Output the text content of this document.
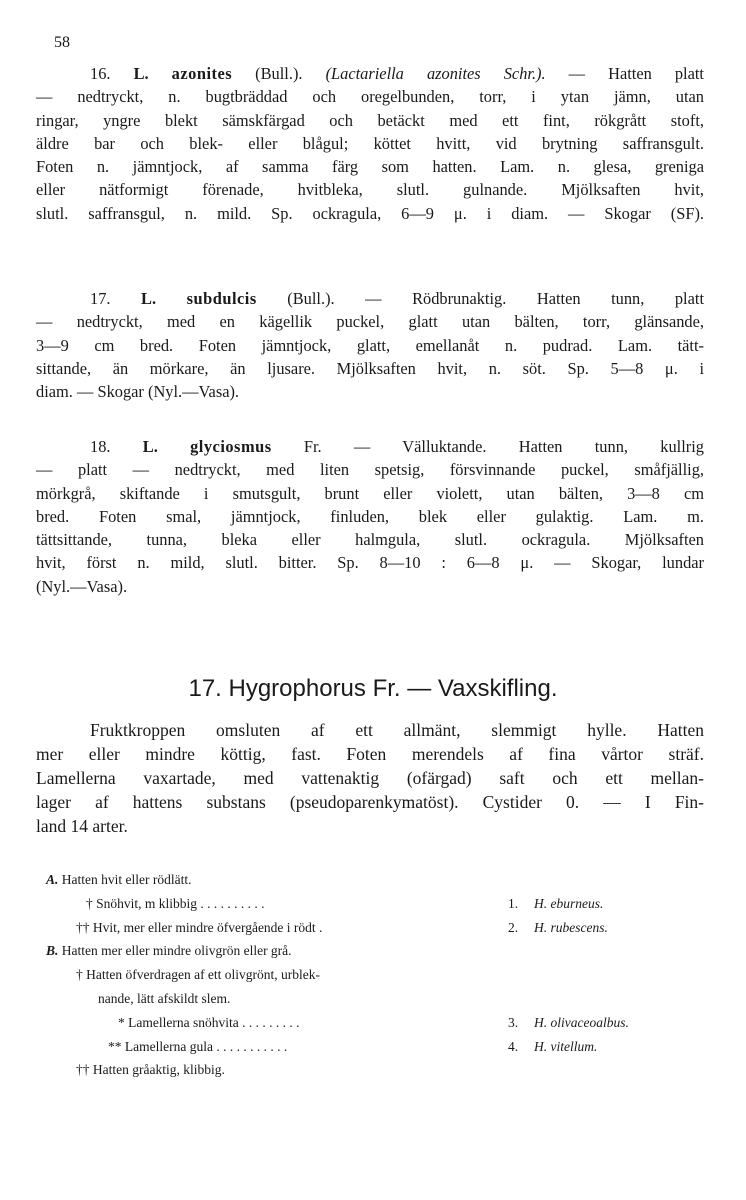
58
16. L. azonites (Bull.). (Lactariella azonites Schr.). — Hatten platt
— nedtryckt, n. bugtbräddad och oregelbunden, torr, i ytan jämn, utan
ringar, yngre blekt sämskfärgad och betäckt med ett fint, rökgrått stoft,
äldre bar och blek- eller blågul; köttet hvitt, vid brytning saffransgult.
Foten n. jämntjock, af samma färg som hatten. Lam. n. glesa, greniga
eller nätformigt förenade, hvitbleka, slutl. gulnande. Mjölksaften hvit,
slutl. saffransgul, n. mild. Sp. ockragula, 6—9 μ. i diam. — Skogar (SF).
17. L. subdulcis (Bull.). — Rödbrunaktig. Hatten tunn, platt
— nedtryckt, med en kägellik puckel, glatt utan bälten, torr, glänsande,
3—9 cm bred. Foten jämntjock, glatt, emellanåt n. pudrad. Lam. tätt-
sittande, än mörkare, än ljusare. Mjölksaften hvit, n. söt. Sp. 5—8 μ. i
diam. — Skogar (Nyl.—Vasa).
18. L. glyciosmus Fr. — Välluktande. Hatten tunn, kullrig
— platt — nedtryckt, med liten spetsig, försvinnande puckel, småfjällig,
mörkgrå, skiftande i smutsgult, brunt eller violett, utan bälten, 3—8 cm
bred. Foten smal, jämntjock, finluden, blek eller gulaktig. Lam. m.
tättsittande, tunna, bleka eller halmgula, slutl. ockragula. Mjölksaften
hvit, först n. mild, slutl. bitter. Sp. 8—10 : 6—8 μ. — Skogar, lundar
(Nyl.—Vasa).
17. Hygrophorus Fr. — Vaxskifling.
Fruktkroppen omsluten af ett allmänt, slemmigt hylle. Hatten
mer eller mindre köttig, fast. Foten merendels af fina vårtor sträf.
Lamellerna vaxartade, med vattenaktig (ofärgad) saft och ett mellan-
lager af hattens substans (pseudoparenkymatöst). Cystider 0. — I Fin-
land 14 arter.
A. Hatten hvit eller rödlätt.
† Snöhvit, m klibbig . . . . . . . . . .	1. H. eburneus.
†† Hvit, mer eller mindre öfvergående i rödt .	2. H. rubescens.
B. Hatten mer eller mindre olivgrön eller grå.
† Hatten öfverdragen af ett olivgrönt, urblek-
nande, lätt afskildt slem.
* Lamellerna snöhvita . . . . . . . . .	3. H. olivaceoalbus.
** Lamellerna gula . . . . . . . . . . .	4. H. vitellum.
†† Hatten gråaktig, klibbig.
